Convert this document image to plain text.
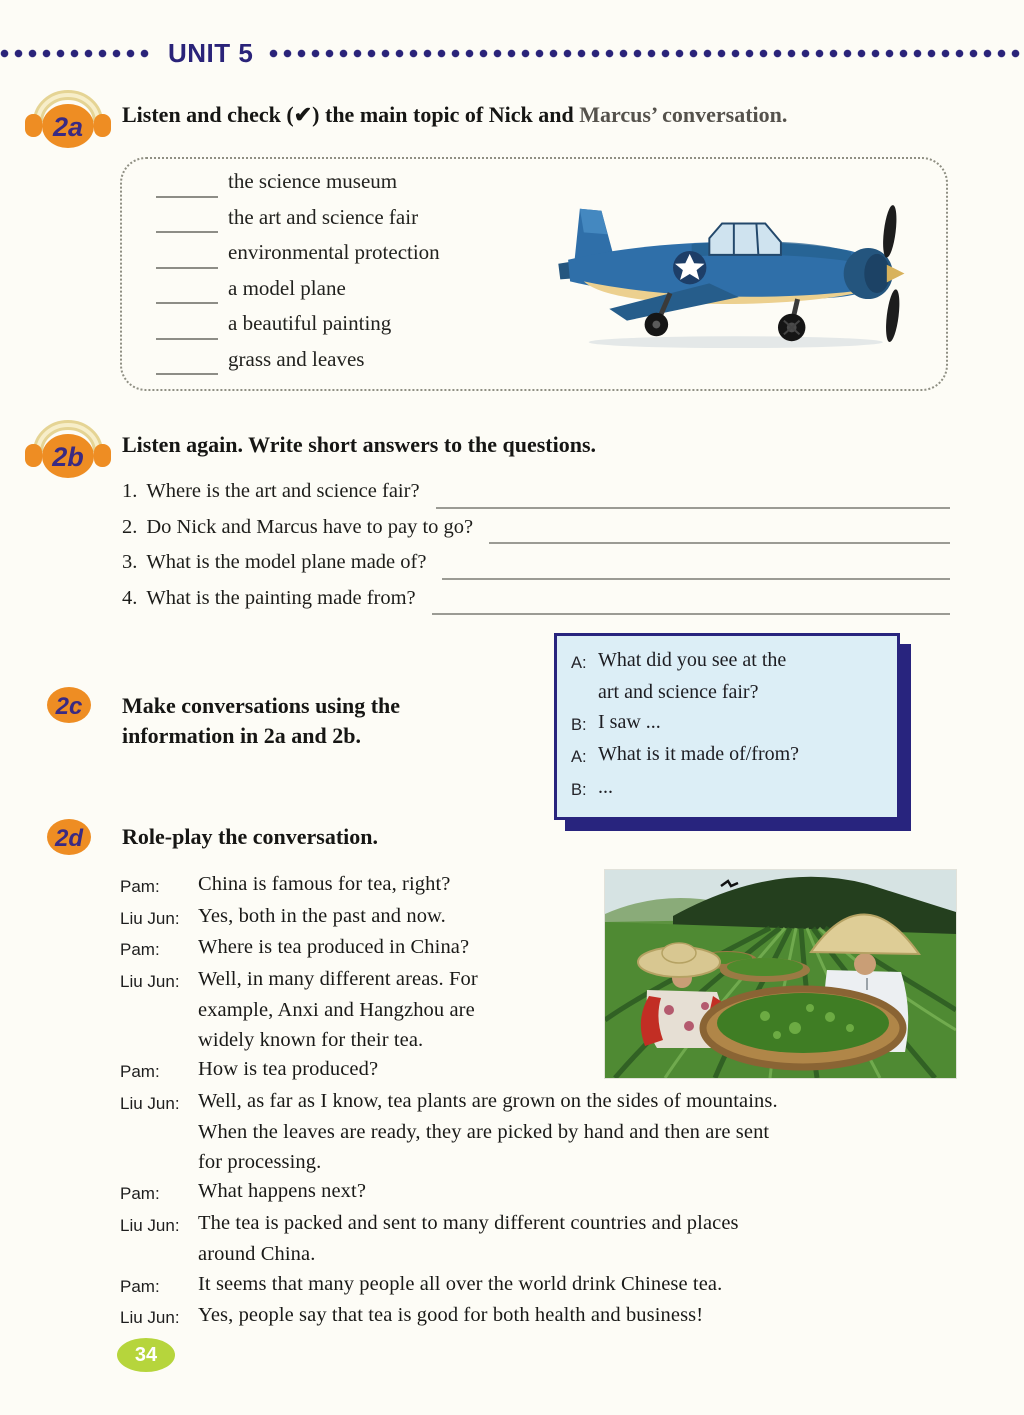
UNIT 5
2a Listen and check (✔) the main topic of Nick and Marcus’ conversation.
the science museum
the art and science fair
environmental protection
a model plane
a beautiful painting
grass and leaves
2b Listen again. Write short answers to the questions.
1. Where is the art and science fair?
2. Do Nick and Marcus have to pay to go?
3. What is the model plane made of?
4. What is the painting made from?
A: What did you see at the
art and science fair?
B: I saw ...
A: What is it made of/from?
B: ...
2c Make conversations using the
information in 2a and 2b.
2d Role-play the conversation.
Pam:	China is famous for tea, right?
Liu Jun: Yes, both in the past and now.
Pam:	Where is tea produced in China?
Liu Jun: Well, in many different areas. For
example, Anxi and Hangzhou are
widely known for their tea.
Pam:	How is tea produced?
Liu Jun: Well, as far as I know, tea plants are grown on the sides of mountains.
When the leaves are ready, they are picked by hand and then are sent
for processing.
Pam:	What happens next?
Liu Jun: The tea is packed and sent to many different countries and places
around China.
Pam:	It seems that many people all over the world drink Chinese tea.
Liu Jun: Yes, people say that tea is good for both health and business!
34
